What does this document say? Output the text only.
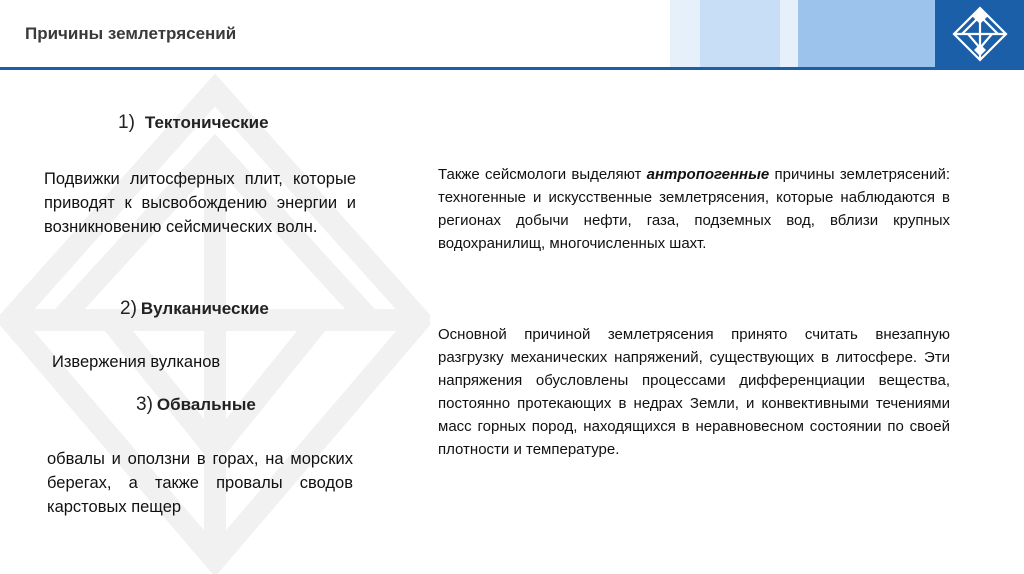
Причины землетрясений
1) Тектонические
Подвижки литосферных плит, которые приводят к высвобождению энергии и возникновению сейсмических волн.
2) Вулканические
Извержения вулканов
3) Обвальные
обвалы и оползни в горах, на морских берегах, а также провалы сводов карстовых пещер
Также сейсмологи выделяют антропогенные причины землетрясений: техногенные и искусственные землетрясения, которые наблюдаются в регионах добычи нефти, газа, подземных вод, вблизи крупных водохранилищ, многочисленных шахт.
Основной причиной землетрясения принято считать внезапную разгрузку механических напряжений, существующих в литосфере. Эти напряжения обусловлены процессами дифференциации вещества, постоянно протекающих в недрах Земли, и конвективными течениями масс горных пород, находящихся в неравновесном состоянии по своей плотности и температуре.
